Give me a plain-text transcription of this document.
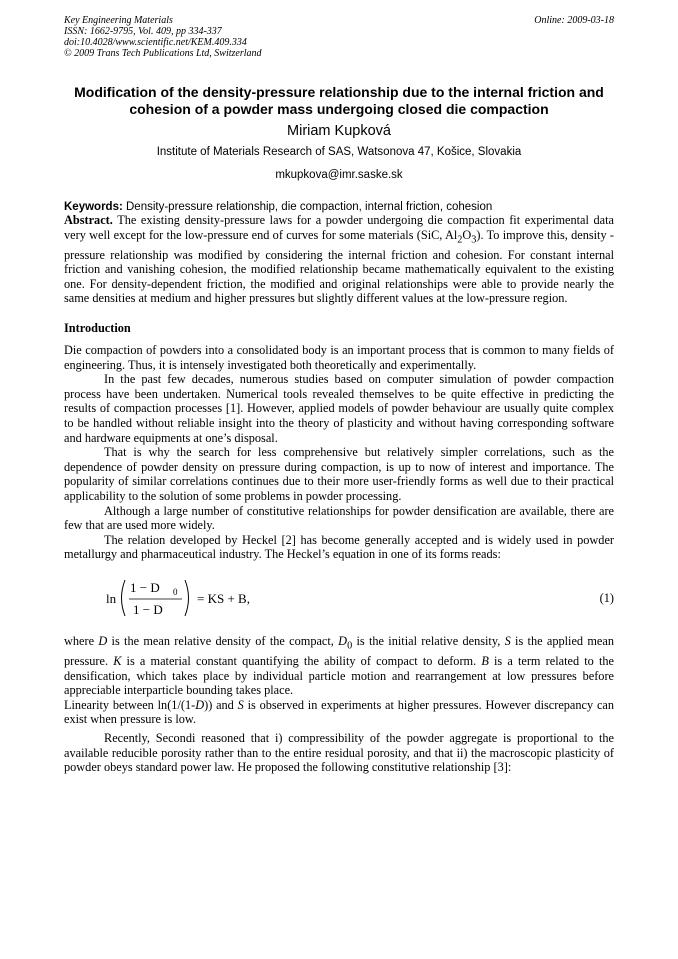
Key Engineering Materials
ISSN: 1662-9795, Vol. 409, pp 334-337
doi:10.4028/www.scientific.net/KEM.409.334
© 2009 Trans Tech Publications Ltd, Switzerland
Online: 2009-03-18
Modification of the density-pressure relationship due to the internal friction and cohesion of a powder mass undergoing closed die compaction
Miriam Kupková
Institute of Materials Research of SAS, Watsonova 47, Košice, Slovakia
mkupkova@imr.saske.sk
Keywords: Density-pressure relationship, die compaction, internal friction, cohesion

Abstract. The existing density-pressure laws for a powder undergoing die compaction fit experimental data very well except for the low-pressure end of curves for some materials (SiC, $Al_2O_3$). To improve this, density - pressure relationship was modified by considering the internal friction and cohesion. For constant internal friction and vanishing cohesion, the modified relationship became mathematically equivalent to the existing one. For density-dependent friction, the modified and original relationships were able to provide nearly the same densities at medium and higher pressures but slightly different values at the low-pressure region.

Introduction

Die compaction of powders into a consolidated body is an important process that is common to many fields of engineering. Thus, it is intensely investigated both theoretically and experimentally.

In the past few decades, numerous studies based on computer simulation of powder compaction process have been undertaken. Numerical tools revealed themselves to be quite effective in predicting the results of compaction processes [1]. However, applied models of powder behaviour are usually quite complex to be handled without reliable insight into the theory of plasticity and without having corresponding software and hardware equipments at one’s disposal.

That is why the search for less comprehensive but relatively simpler correlations, such as the dependence of powder density on pressure during compaction, is up to now of interest and importance. The popularity of similar correlations continues due to their more user-friendly forms as well due to their practical applicability to the solution of some problems in powder processing.

Although a large number of constitutive relationships for powder densification are available, there are few that are used more widely.

The relation developed by Heckel [2] has become generally accepted and is widely used in powder metallurgy and pharmaceutical industry. The Heckel’s equation in one of its forms reads:

ln
1 − D 0
1 − D
= KS + B,	(1)

where D is the mean relative density of the compact, $D_0$ is the initial relative density, S is the applied mean pressure. K is a material constant quantifying the ability of compact to deform. B is a term related to the densification, which takes place by individual particle motion and rearrangement at low pressures before appreciable interparticle bounding takes place.

Linearity between ln(1/(1-D)) and S is observed in experiments at higher pressures. However discrepancy can exist when pressure is low.

Recently, Secondi reasoned that i) compressibility of the powder aggregate is proportional to the available reducible porosity rather than to the entire residual porosity, and that ii) the macroscopic plasticity of powder obeys standard power law. He proposed the following constitutive relationship [3]:
